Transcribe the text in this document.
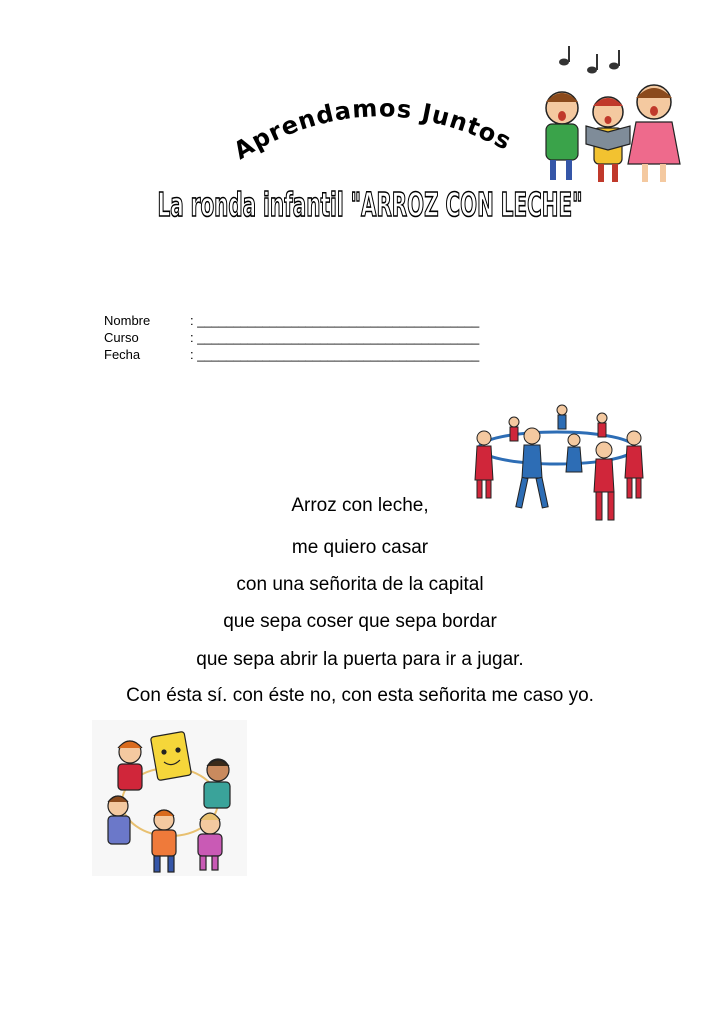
Aprendamos Juntos
La ronda infantil "ARROZ CON LECHE"
Nombre	: _______________________________________
Curso	: _______________________________________
Fecha	: _______________________________________
Arroz con leche,
me quiero casar
con una señorita de la capital
que sepa coser que sepa bordar
que sepa abrir la puerta para ir a jugar.
Con ésta sí. con éste no, con esta señorita me caso yo.
